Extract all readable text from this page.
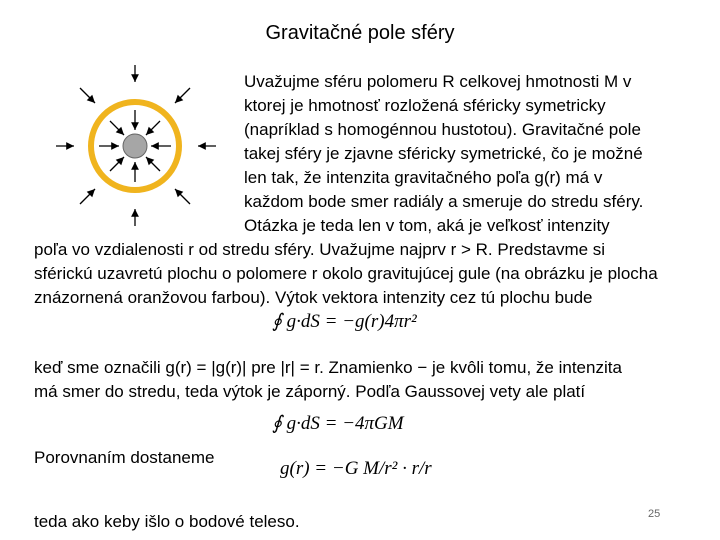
Gravitačné pole sféry
Uvažujme sféru polomeru R celkovej hmotnosti M v
ktorej je hmotnosť rozložená sféricky symetricky
(napríklad s homogénnou hustotou). Gravitačné pole
takej sféry je zjavne sféricky symetrické, čo je možné
len tak, že intenzita gravitačného poľa g(r) má v
každom bode smer radiály a smeruje do stredu sféry.
Otázka je teda len v tom, aká je veľkosť intenzity
poľa vo vzdialenosti r od stredu sféry. Uvažujme najprv r > R. Predstavme si
sférickú uzavretú plochu o polomere r okolo gravitujúcej gule (na obrázku je plocha
znázornená oranžovou farbou). Výtok vektora intenzity cez tú plochu bude
∮ g·dS = −g(r)4πr²
keď sme označili g(r) = |g(r)| pre |r| = r. Znamienko − je kvôli tomu, že intenzita
má smer do stredu, teda výtok je záporný. Podľa Gaussovej vety ale platí
∮ g·dS = −4πGM
Porovnaním dostaneme
g(r) = −G M/r² · r/r
teda ako keby išlo o bodové teleso.	25
